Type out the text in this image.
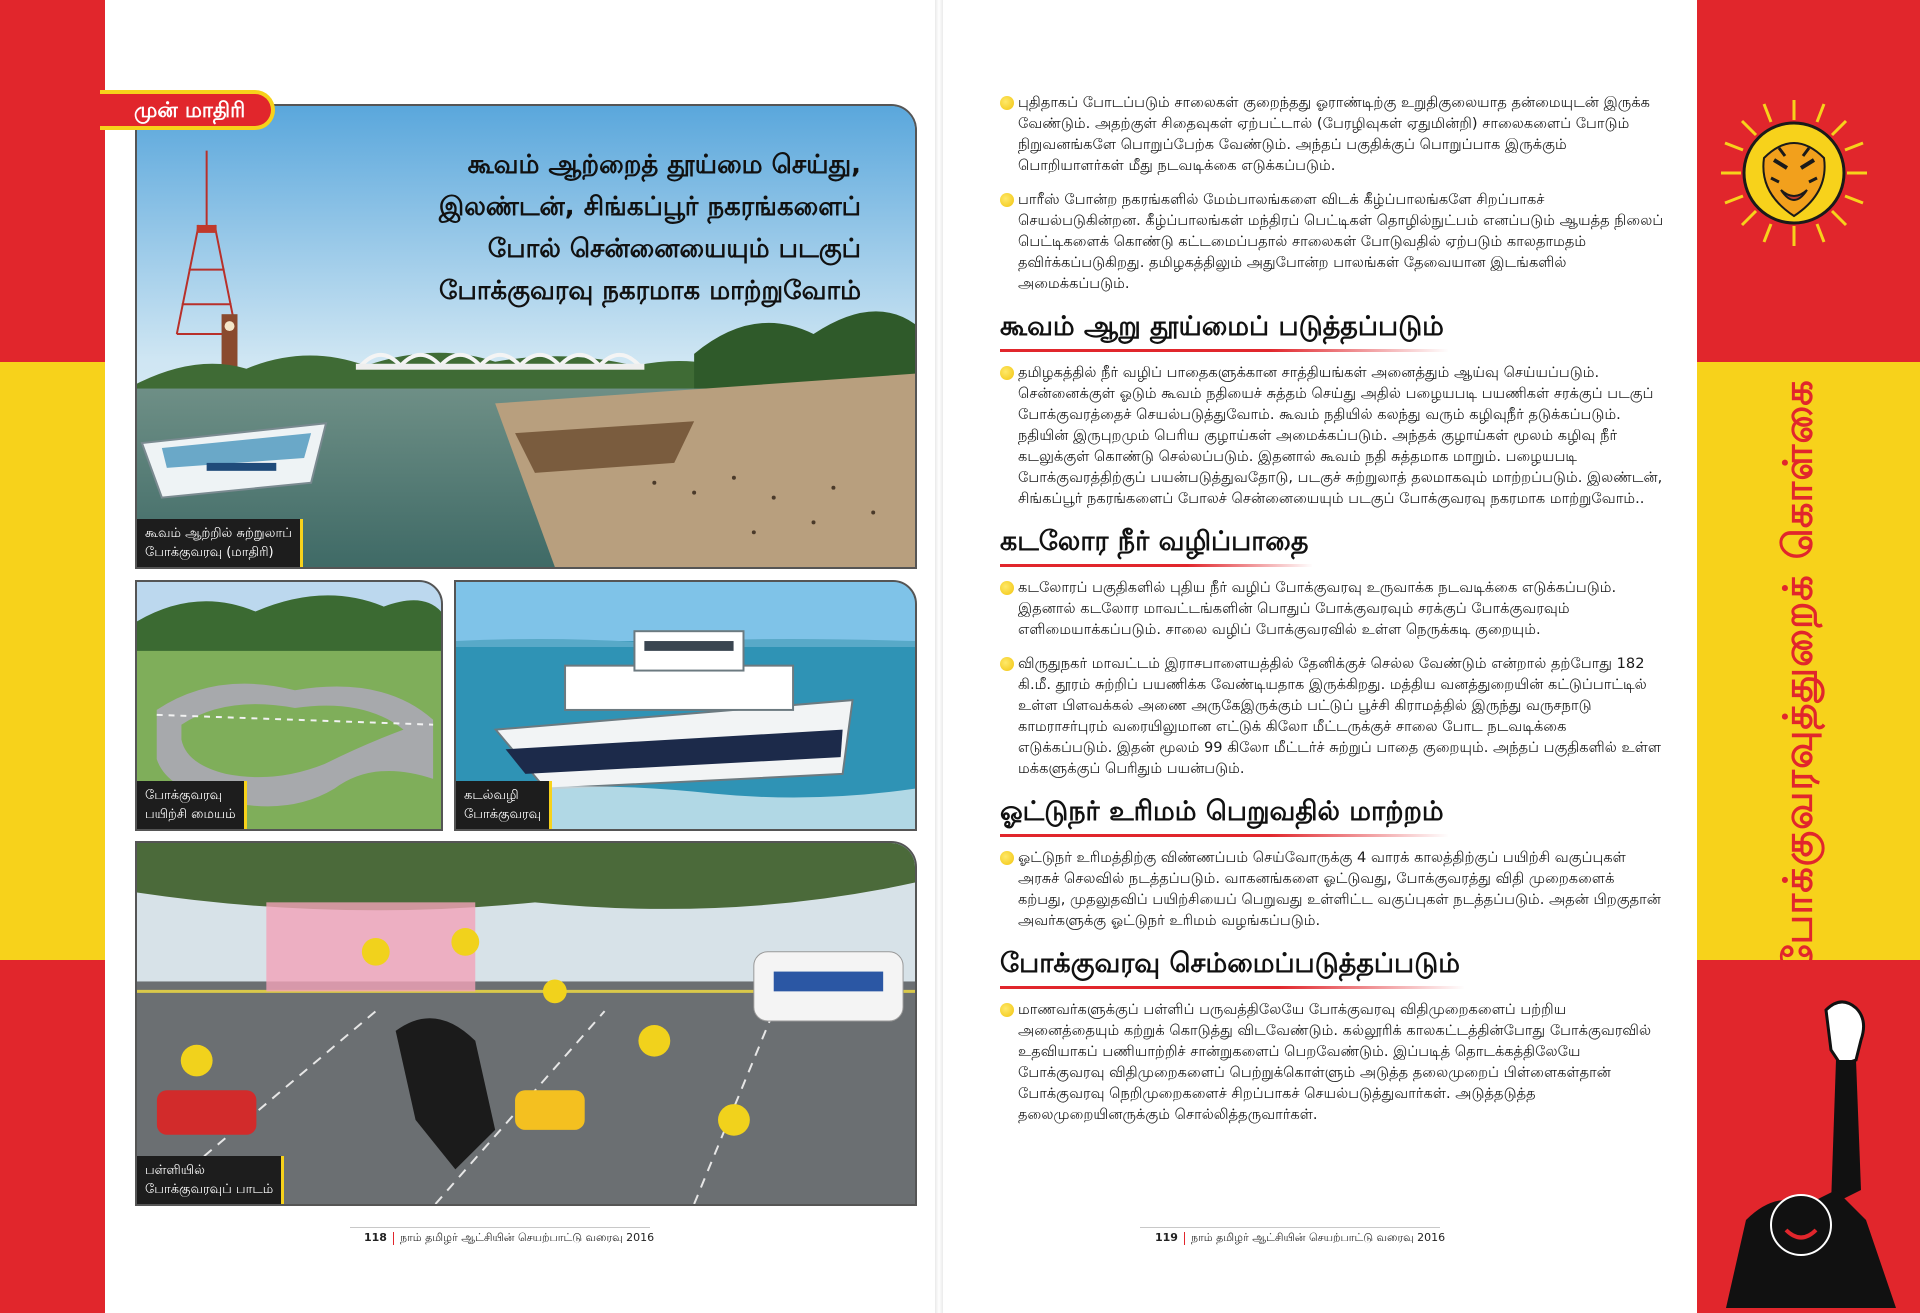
முன் மாதிரி
கூவம் ஆற்றைத் தூய்மை செய்து,
இலண்டன், சிங்கப்பூர் நகரங்களைப்
போல் சென்னையையும் படகுப்
போக்குவரவு நகரமாக மாற்றுவோம்
கூவம் ஆற்றில் சுற்றுலாப்
போக்குவரவு (மாதிரி)
போக்குவரவு
பயிற்சி மையம்
கடல்வழி
போக்குவரவு
பள்ளியில்
போக்குவரவுப் பாடம்
புதிதாகப் போடப்படும் சாலைகள் குறைந்தது ஓராண்டிற்கு உறுதிகுலையாத தன்மையுடன் இருக்க வேண்டும். அதற்குள் சிதைவுகள் ஏற்பட்டால் (பேரழிவுகள் ஏதுமின்றி) சாலைகளைப் போடும் நிறுவனங்களே பொறுப்பேற்க வேண்டும். அந்தப் பகுதிக்குப் பொறுப்பாக இருக்கும் பொறியாளர்கள் மீது நடவடிக்கை எடுக்கப்படும்.
பாரீஸ் போன்ற நகரங்களில் மேம்பாலங்களை விடக் கீழ்ப்பாலங்களே சிறப்பாகச் செயல்படுகின்றன. கீழ்ப்பாலங்கள் மந்திரப் பெட்டிகள் தொழில்நுட்பம் எனப்படும் ஆயத்த நிலைப் பெட்டிகளைக் கொண்டு கட்டமைப்பதால் சாலைகள் போடுவதில் ஏற்படும் காலதாமதம் தவிர்க்கப்படுகிறது. தமிழகத்திலும் அதுபோன்ற பாலங்கள் தேவையான இடங்களில் அமைக்கப்படும்.
கூவம் ஆறு தூய்மைப் படுத்தப்படும்
தமிழகத்தில் நீர் வழிப் பாதைகளுக்கான சாத்தியங்கள் அனைத்தும் ஆய்வு செய்யப்படும். சென்னைக்குள் ஓடும் கூவம் நதியைச் சுத்தம் செய்து அதில் பழையபடி பயணிகள் சரக்குப் படகுப் போக்குவரத்தைச் செயல்படுத்துவோம். கூவம் நதியில் கலந்து வரும் கழிவுநீர் தடுக்கப்படும். நதியின் இருபுறமும் பெரிய குழாய்கள் அமைக்கப்படும். அந்தக் குழாய்கள் மூலம் கழிவு நீர் கடலுக்குள் கொண்டு செல்லப்படும். இதனால் கூவம் நதி சுத்தமாக மாறும். பழையபடி போக்குவரத்திற்குப் பயன்படுத்துவதோடு, படகுச் சுற்றுலாத் தலமாகவும் மாற்றப்படும். இலண்டன், சிங்கப்பூர் நகரங்களைப் போலச் சென்னையையும் படகுப் போக்குவரவு நகரமாக மாற்றுவோம்..
கடலோர நீர் வழிப்பாதை
கடலோரப் பகுதிகளில் புதிய நீர் வழிப் போக்குவரவு உருவாக்க நடவடிக்கை எடுக்கப்படும். இதனால் கடலோர மாவட்டங்களின் பொதுப் போக்குவரவும் சரக்குப் போக்குவரவும் எளிமையாக்கப்படும். சாலை வழிப் போக்குவரவில் உள்ள நெருக்கடி குறையும்.
விருதுநகர் மாவட்டம் இராசபாளையத்தில் தேனிக்குச் செல்ல வேண்டும் என்றால் தற்போது 182 கி.மீ. தூரம் சுற்றிப் பயணிக்க வேண்டியதாக இருக்கிறது. மத்திய வனத்துறையின் கட்டுப்பாட்டில் உள்ள பிளவக்கல் அணை அருகேஇருக்கும் பட்டுப் பூச்சி கிராமத்தில் இருந்து வருசநாடு காமராசர்புரம் வரையிலுமான எட்டுக் கிலோ மீட்டருக்குச் சாலை போட நடவடிக்கை எடுக்கப்படும். இதன் மூலம் 99 கிலோ மீட்டர்ச் சுற்றுப் பாதை குறையும். அந்தப் பகுதிகளில் உள்ள மக்களுக்குப் பெரிதும் பயன்படும்.
ஓட்டுநர் உரிமம் பெறுவதில் மாற்றம்
ஓட்டுநர் உரிமத்திற்கு விண்ணப்பம் செய்வோருக்கு 4 வாரக் காலத்திற்குப் பயிற்சி வகுப்புகள் அரசுச் செலவில் நடத்தப்படும். வாகனங்களை ஓட்டுவது, போக்குவரத்து விதி முறைகளைக் கற்பது, முதலுதவிப் பயிற்சியைப் பெறுவது உள்ளிட்ட வகுப்புகள் நடத்தப்படும். அதன் பிறகுதான் அவர்களுக்கு ஓட்டுநர் உரிமம் வழங்கப்படும்.
போக்குவரவு செம்மைப்படுத்தப்படும்
மாணவர்களுக்குப் பள்ளிப் பருவத்திலேயே போக்குவரவு விதிமுறைகளைப் பற்றிய அனைத்தையும் கற்றுக் கொடுத்து விடவேண்டும். கல்லூரிக் காலகட்டத்தின்போது போக்குவரவில் உதவியாகப் பணியாற்றிச் சான்றுகளைப் பெறவேண்டும். இப்படித் தொடக்கத்திலேயே போக்குவரவு விதிமுறைகளைப் பெற்றுக்கொள்ளும் அடுத்த தலைமுறைப் பிள்ளைகள்தான் போக்குவரவு நெறிமுறைகளைச் சிறப்பாகச் செயல்படுத்துவார்கள். அடுத்தடுத்த தலைமுறையினருக்கும் சொல்லித்தருவார்கள்.
118 நாம் தமிழர் ஆட்சியின் செயற்பாட்டு வரைவு 2016	119 நாம் தமிழர் ஆட்சியின் செயற்பாட்டு வரைவு 2016
போக்குவரவுத்துறைக் கொள்கை
